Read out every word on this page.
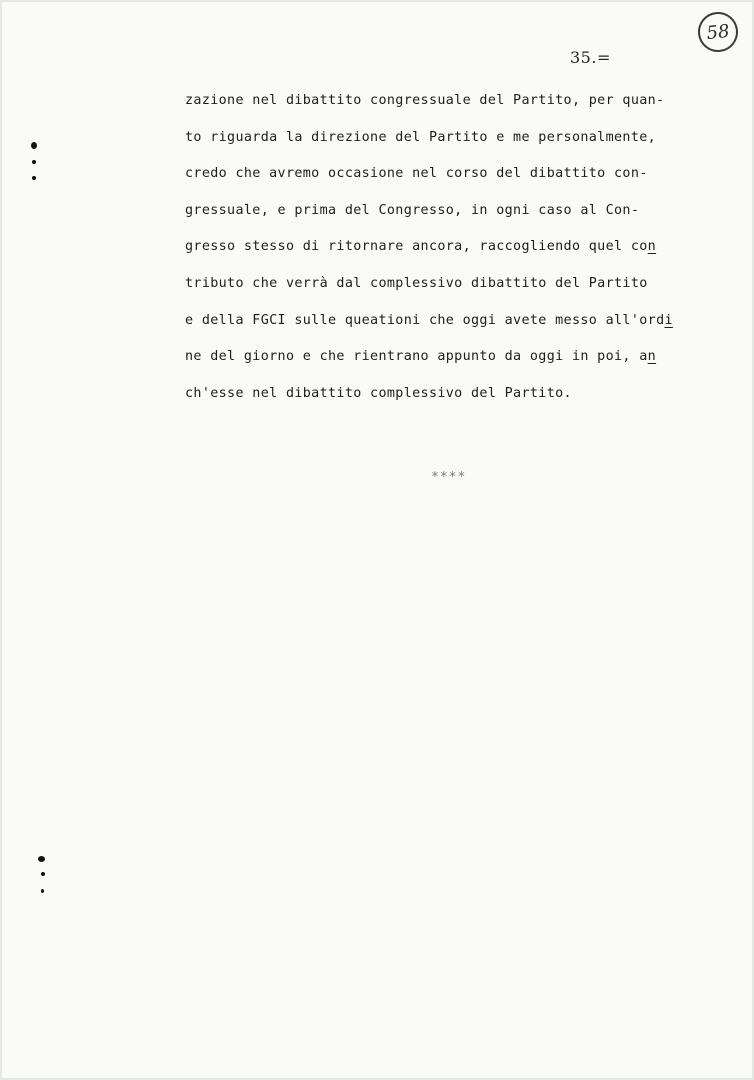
58
35.=
zazione nel dibattito congressuale del Partito, per quan-
to riguarda la direzione del Partito e me personalmente,
credo che avremo occasione nel corso del dibattito con-
gressuale, e prima del Congresso, in ogni caso al Con-
gresso stesso di ritornare ancora, raccogliendo quel con
tributo che verrà dal complessivo dibattito del Partito
e della FGCI sulle queationi che oggi avete messo all'ordi
ne del giorno e che rientrano appunto da oggi in poi, an
ch'esse nel dibattito complessivo del Partito.
****
